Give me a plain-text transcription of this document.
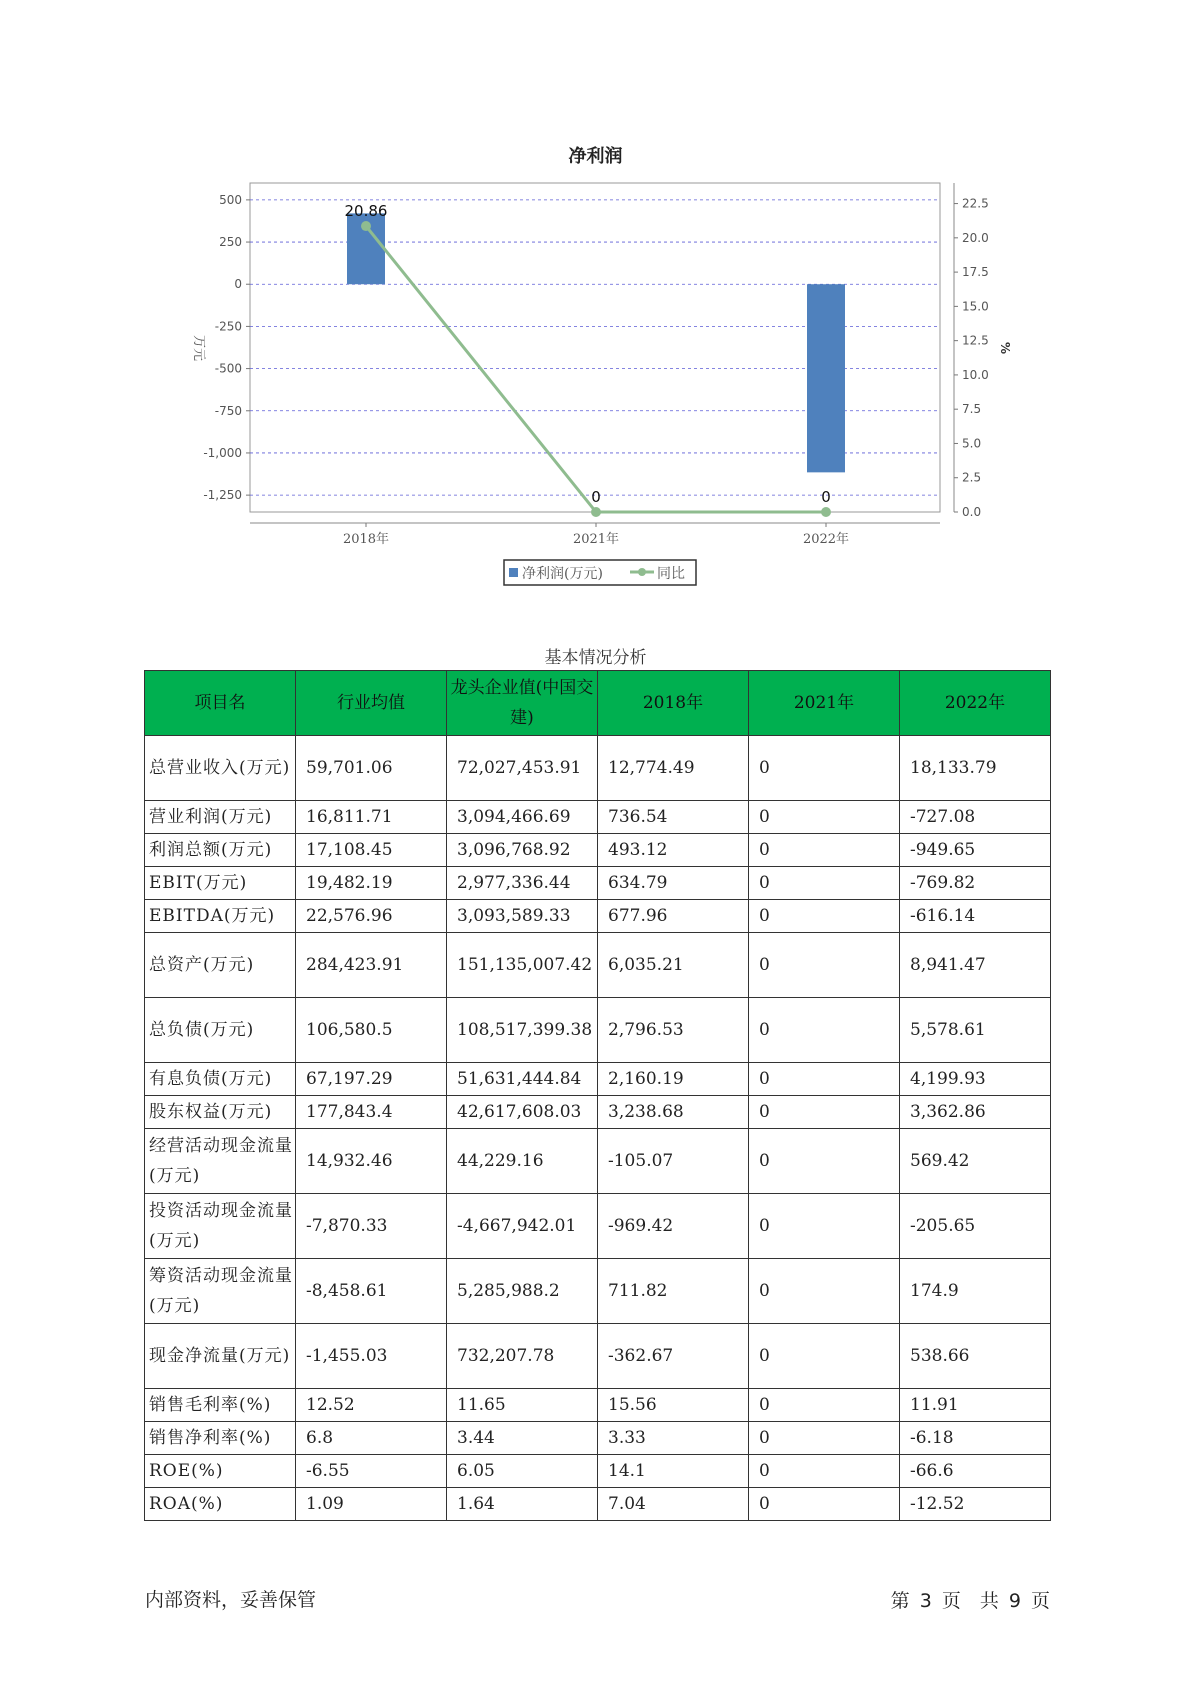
净利润
500
250
0
-250
-500
-750
-1,000
-1,250
22.5
20.0
17.5
15.0
12.5
10.0
7.5
5.0
2.5
0.0
2018年	2021年	2022年
万元	%
20.86
0	0
净利润(万元)	同比
基本情况分析
项目名	行业均值	龙头企业值(中国交建)	2018年	2021年	2022年
总营业收入(万元)	59,701.06	72,027,453.91	12,774.49	0	18,133.79
营业利润(万元)	16,811.71	3,094,466.69	736.54	0	-727.08
利润总额(万元)	17,108.45	3,096,768.92	493.12	0	-949.65
EBIT(万元)	19,482.19	2,977,336.44	634.79	0	-769.82
EBITDA(万元)	22,576.96	3,093,589.33	677.96	0	-616.14
总资产(万元)	284,423.91	151,135,007.42	6,035.21	0	8,941.47
总负债(万元)	106,580.5	108,517,399.38	2,796.53	0	5,578.61
有息负债(万元)	67,197.29	51,631,444.84	2,160.19	0	4,199.93
股东权益(万元)	177,843.4	42,617,608.03	3,238.68	0	3,362.86
经营活动现金流量(万元)	14,932.46	44,229.16	-105.07	0	569.42
投资活动现金流量(万元)	-7,870.33	-4,667,942.01	-969.42	0	-205.65
筹资活动现金流量(万元)	-8,458.61	5,285,988.2	711.82	0	174.9
现金净流量(万元)	-1,455.03	732,207.78	-362.67	0	538.66
销售毛利率(%)	12.52	11.65	15.56	0	11.91
销售净利率(%)	6.8	3.44	3.33	0	-6.18
ROE(%)	-6.55	6.05	14.1	0	-66.6
ROA(%)	1.09	1.64	7.04	0	-12.52
内部资料，妥善保管	第 3 页　共 9 页
